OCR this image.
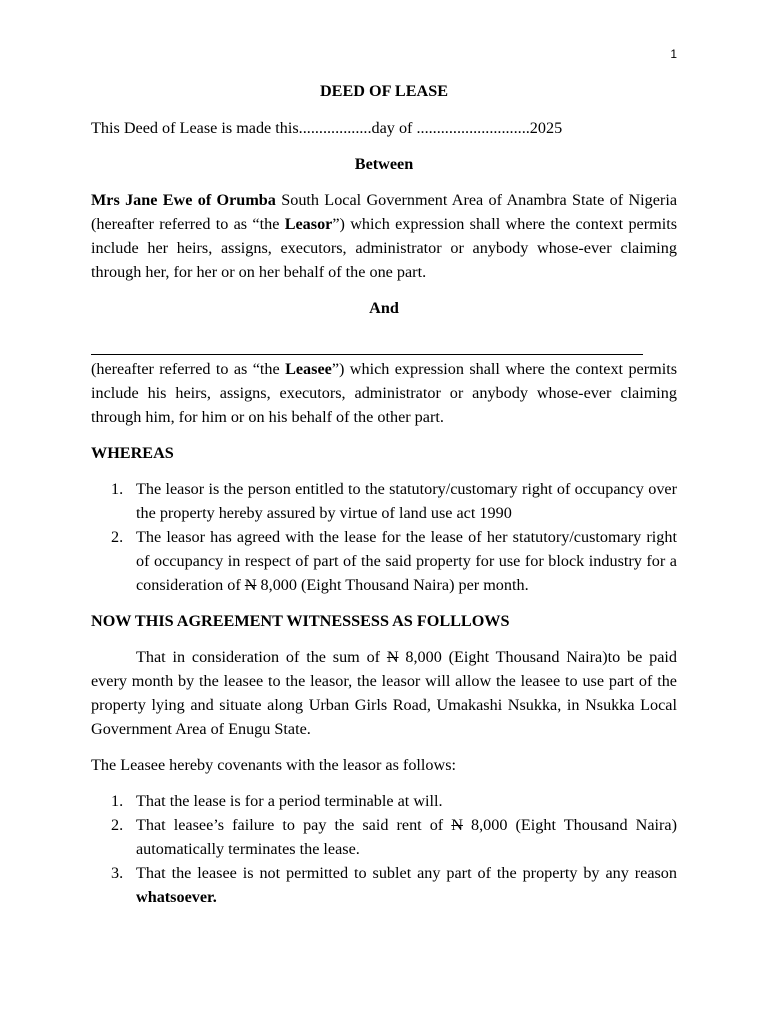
1

DEED OF LEASE

This Deed of Lease is made this..................day of ............................2025

Between

Mrs Jane Ewe of Orumba South Local Government Area of Anambra State of Nigeria (hereafter referred to as “the Leasor”) which expression shall where the context permits include her heirs, assigns, executors, administrator or anybody whose-ever claiming through her, for her or on her behalf of the one part.

And

(hereafter referred to as “the Leasee”) which expression shall where the context permits include his heirs, assigns, executors, administrator or anybody whose-ever claiming through him, for him or on his behalf of the other part.

WHEREAS

1. The leasor is the person entitled to the statutory/customary right of occupancy over the property hereby assured by virtue of land use act 1990
2. The leasor has agreed with the lease for the lease of her statutory/customary right of occupancy in respect of part of the said property for use for block industry for a consideration of N 8,000 (Eight Thousand Naira) per month.

NOW THIS AGREEMENT WITNESSESS AS FOLLLOWS

That in consideration of the sum of N 8,000 (Eight Thousand Naira)to be paid every month by the leasee to the leasor, the leasor will allow the leasee to use part of the property lying and situate along Urban Girls Road, Umakashi Nsukka, in Nsukka Local Government Area of Enugu State.

The Leasee hereby covenants with the leasor as follows:

1. That the lease is for a period terminable at will.
2. That leasee’s failure to pay the said rent of N 8,000 (Eight Thousand Naira) automatically terminates the lease.
3. That the leasee is not permitted to sublet any part of the property by any reason whatsoever.
